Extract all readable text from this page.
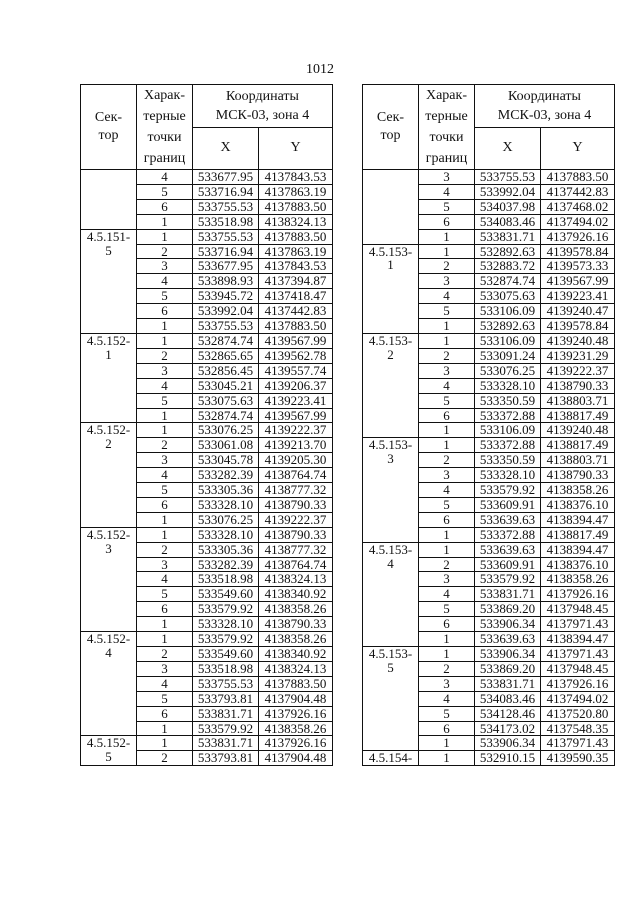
1012
Сек-
тор	Харак-
терные
точки
границ	Координаты
МСК-03, зона 4	
		X	Y
	4	533677.95	4137843.53
	5	533716.94	4137863.19
	6	533755.53	4137883.50
	1	533518.98	4138324.13
4.5.151-
5	1	533755.53	4137883.50
	2	533716.94	4137863.19
	3	533677.95	4137843.53
	4	533898.93	4137394.87
	5	533945.72	4137418.47
	6	533992.04	4137442.83
	1	533755.53	4137883.50
4.5.152-
1	1	532874.74	4139567.99
	2	532865.65	4139562.78
	3	532856.45	4139557.74
	4	533045.21	4139206.37
	5	533075.63	4139223.41
	1	532874.74	4139567.99
4.5.152-
2	1	533076.25	4139222.37
	2	533061.08	4139213.70
	3	533045.78	4139205.30
	4	533282.39	4138764.74
	5	533305.36	4138777.32
	6	533328.10	4138790.33
	1	533076.25	4139222.37
4.5.152-
3	1	533328.10	4138790.33
	2	533305.36	4138777.32
	3	533282.39	4138764.74
	4	533518.98	4138324.13
	5	533549.60	4138340.92
	6	533579.92	4138358.26
	1	533328.10	4138790.33
4.5.152-
4	1	533579.92	4138358.26
	2	533549.60	4138340.92
	3	533518.98	4138324.13
	4	533755.53	4137883.50
	5	533793.81	4137904.48
	6	533831.71	4137926.16
	1	533579.92	4138358.26
4.5.152-
5	1	533831.71	4137926.16
	2	533793.81	4137904.48
Сек-
тор	Харак-
терные
точки
границ	Координаты
МСК-03, зона 4	
		X	Y
	3	533755.53	4137883.50
	4	533992.04	4137442.83
	5	534037.98	4137468.02
	6	534083.46	4137494.02
	1	533831.71	4137926.16
4.5.153-
1	1	532892.63	4139578.84
	2	532883.72	4139573.33
	3	532874.74	4139567.99
	4	533075.63	4139223.41
	5	533106.09	4139240.47
	1	532892.63	4139578.84
4.5.153-
2	1	533106.09	4139240.48
	2	533091.24	4139231.29
	3	533076.25	4139222.37
	4	533328.10	4138790.33
	5	533350.59	4138803.71
	6	533372.88	4138817.49
	1	533106.09	4139240.48
4.5.153-
3	1	533372.88	4138817.49
	2	533350.59	4138803.71
	3	533328.10	4138790.33
	4	533579.92	4138358.26
	5	533609.91	4138376.10
	6	533639.63	4138394.47
	1	533372.88	4138817.49
4.5.153-
4	1	533639.63	4138394.47
	2	533609.91	4138376.10
	3	533579.92	4138358.26
	4	533831.71	4137926.16
	5	533869.20	4137948.45
	6	533906.34	4137971.43
	1	533639.63	4138394.47
4.5.153-
5	1	533906.34	4137971.43
	2	533869.20	4137948.45
	3	533831.71	4137926.16
	4	534083.46	4137494.02
	5	534128.46	4137520.80
	6	534173.02	4137548.35
	1	533906.34	4137971.43
4.5.154-	1	532910.15	4139590.35
